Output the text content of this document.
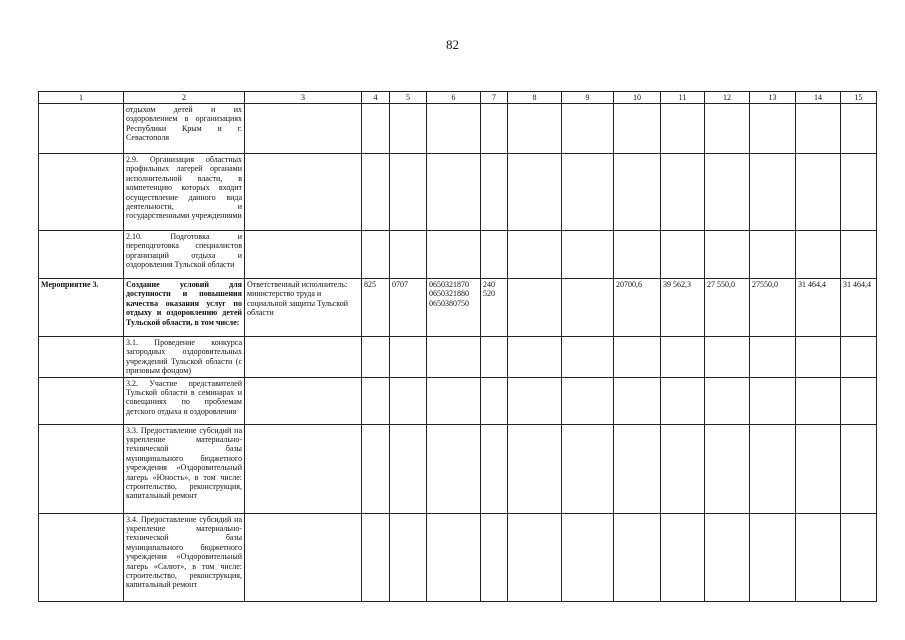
82
1	2	3	4	5	6	7	8	9	10	11	12	13	14	15
	отдыхом детей и их оздоровлением в организациях Республики Крым и г. Севастополя													
	2.9. Организация областных профильных лагерей органами исполнительной власти, в компетенцию которых входит осуществление данного вида деятельности, и государственными учреждениями													
	2.10. Подготовка и переподготовка специалистов организаций отдыха и оздоровления Тульской области													
Мероприятие 3.	Создание условий для доступности и повышения качества оказания услуг по отдыху и оздоровлению детей Тульской области, в том числе:	Ответственный исполнитель: министерство труда и социальной защиты Тульской области	825	0707	0650321870
0650321880
0650380750	240
520			20700,6	39 562,3	27 550,0	27550,0	31 464,4	31 464,4
	3.1. Проведение конкурса загородных оздоровительных учреждений Тульской области (с призовым фондом)													
	3.2. Участие представителей Тульской области в семинарах и совещаниях по проблемам детского отдыха и оздоровления													
	3.3. Предоставление субсидий на укрепление материально-технической базы муниципального бюджетного учреждения «Оздоровительный лагерь «Юность», в том числе: строительство, реконструкция, капитальный ремонт													
	3.4. Предоставление субсидий на укрепление материально-технической базы муниципального бюджетного учреждения «Оздоровительный лагерь «Салют», в том числе: строительство, реконструкция, капитальный ремонт													
